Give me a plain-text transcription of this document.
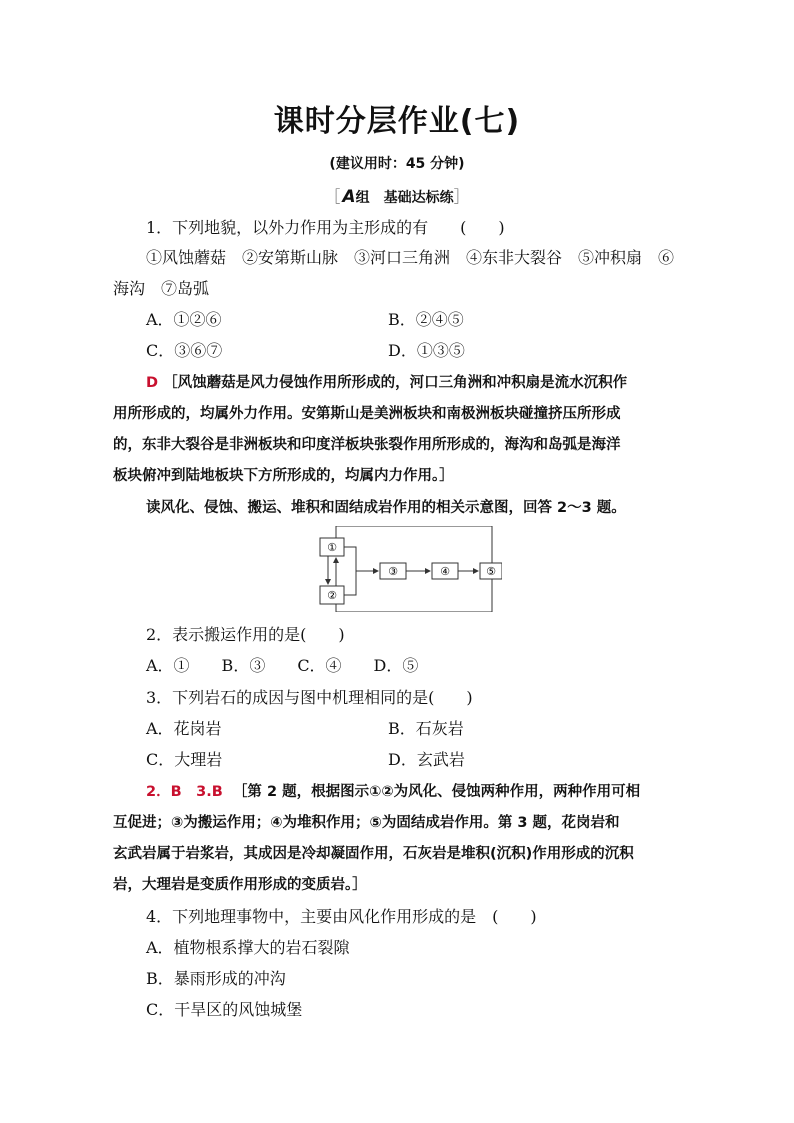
课时分层作业(七)
(建议用时：45 分钟)
［ A组　基础达标练］
1．下列地貌，以外力作用为主形成的有　　(　　)
①风蚀蘑菇　②安第斯山脉　③河口三角洲　④东非大裂谷　⑤冲积扇　⑥
海沟　⑦岛弧
A．①②⑥	B．②④⑤
C．③⑥⑦	D．①③⑤
D ［风蚀蘑菇是风力侵蚀作用所形成的，河口三角洲和冲积扇是流水沉积作
用所形成的，均属外力作用。安第斯山是美洲板块和南极洲板块碰撞挤压所形成
的，东非大裂谷是非洲板块和印度洋板块张裂作用所形成的，海沟和岛弧是海洋
板块俯冲到陆地板块下方所形成的，均属内力作用。］
读风化、侵蚀、搬运、堆积和固结成岩作用的相关示意图，回答 2～3 题。
①
②
③	④	⑤
2．表示搬运作用的是(　　)
A．①　　B．③　　C．④　　D．⑤
3．下列岩石的成因与图中机理相同的是(　　)
A．花岗岩	B．石灰岩
C．大理岩	D．玄武岩
2．B　3.B ［第 2 题，根据图示①②为风化、侵蚀两种作用，两种作用可相
互促进；③为搬运作用；④为堆积作用；⑤为固结成岩作用。第 3 题，花岗岩和
玄武岩属于岩浆岩，其成因是冷却凝固作用，石灰岩是堆积(沉积)作用形成的沉积
岩，大理岩是变质作用形成的变质岩。］
4．下列地理事物中，主要由风化作用形成的是　(　　)
A．植物根系撑大的岩石裂隙
B．暴雨形成的冲沟
C．干旱区的风蚀城堡
